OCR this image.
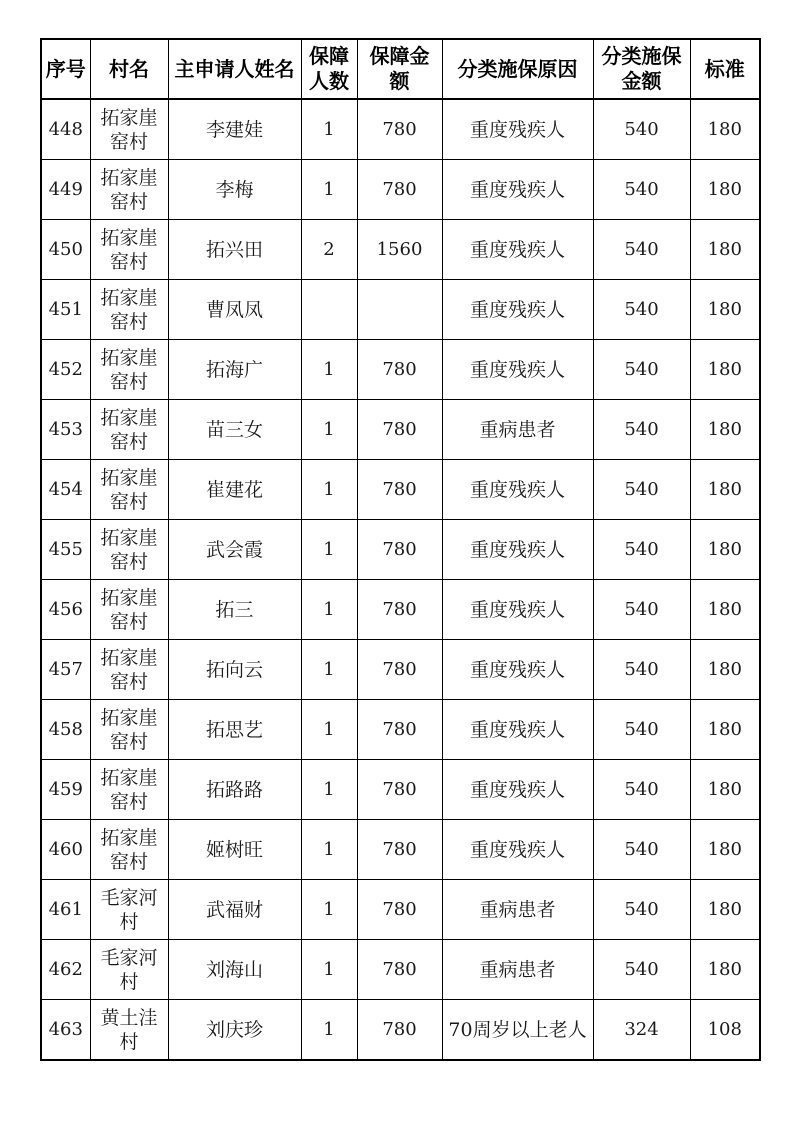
序号	村名	主申请人姓名	保障人数	保障金额	分类施保原因	分类施保金额	标准
448	拓家崖窑村	李建娃	1	780	重度残疾人	540	180
449	拓家崖窑村	李梅	1	780	重度残疾人	540	180
450	拓家崖窑村	拓兴田	2	1560	重度残疾人	540	180
451	拓家崖窑村	曹凤凤			重度残疾人	540	180
452	拓家崖窑村	拓海广	1	780	重度残疾人	540	180
453	拓家崖窑村	苗三女	1	780	重病患者	540	180
454	拓家崖窑村	崔建花	1	780	重度残疾人	540	180
455	拓家崖窑村	武会霞	1	780	重度残疾人	540	180
456	拓家崖窑村	拓三	1	780	重度残疾人	540	180
457	拓家崖窑村	拓向云	1	780	重度残疾人	540	180
458	拓家崖窑村	拓思艺	1	780	重度残疾人	540	180
459	拓家崖窑村	拓路路	1	780	重度残疾人	540	180
460	拓家崖窑村	姬树旺	1	780	重度残疾人	540	180
461	毛家河村	武福财	1	780	重病患者	540	180
462	毛家河村	刘海山	1	780	重病患者	540	180
463	黄土洼村	刘庆珍	1	780	70周岁以上老人	324	108
